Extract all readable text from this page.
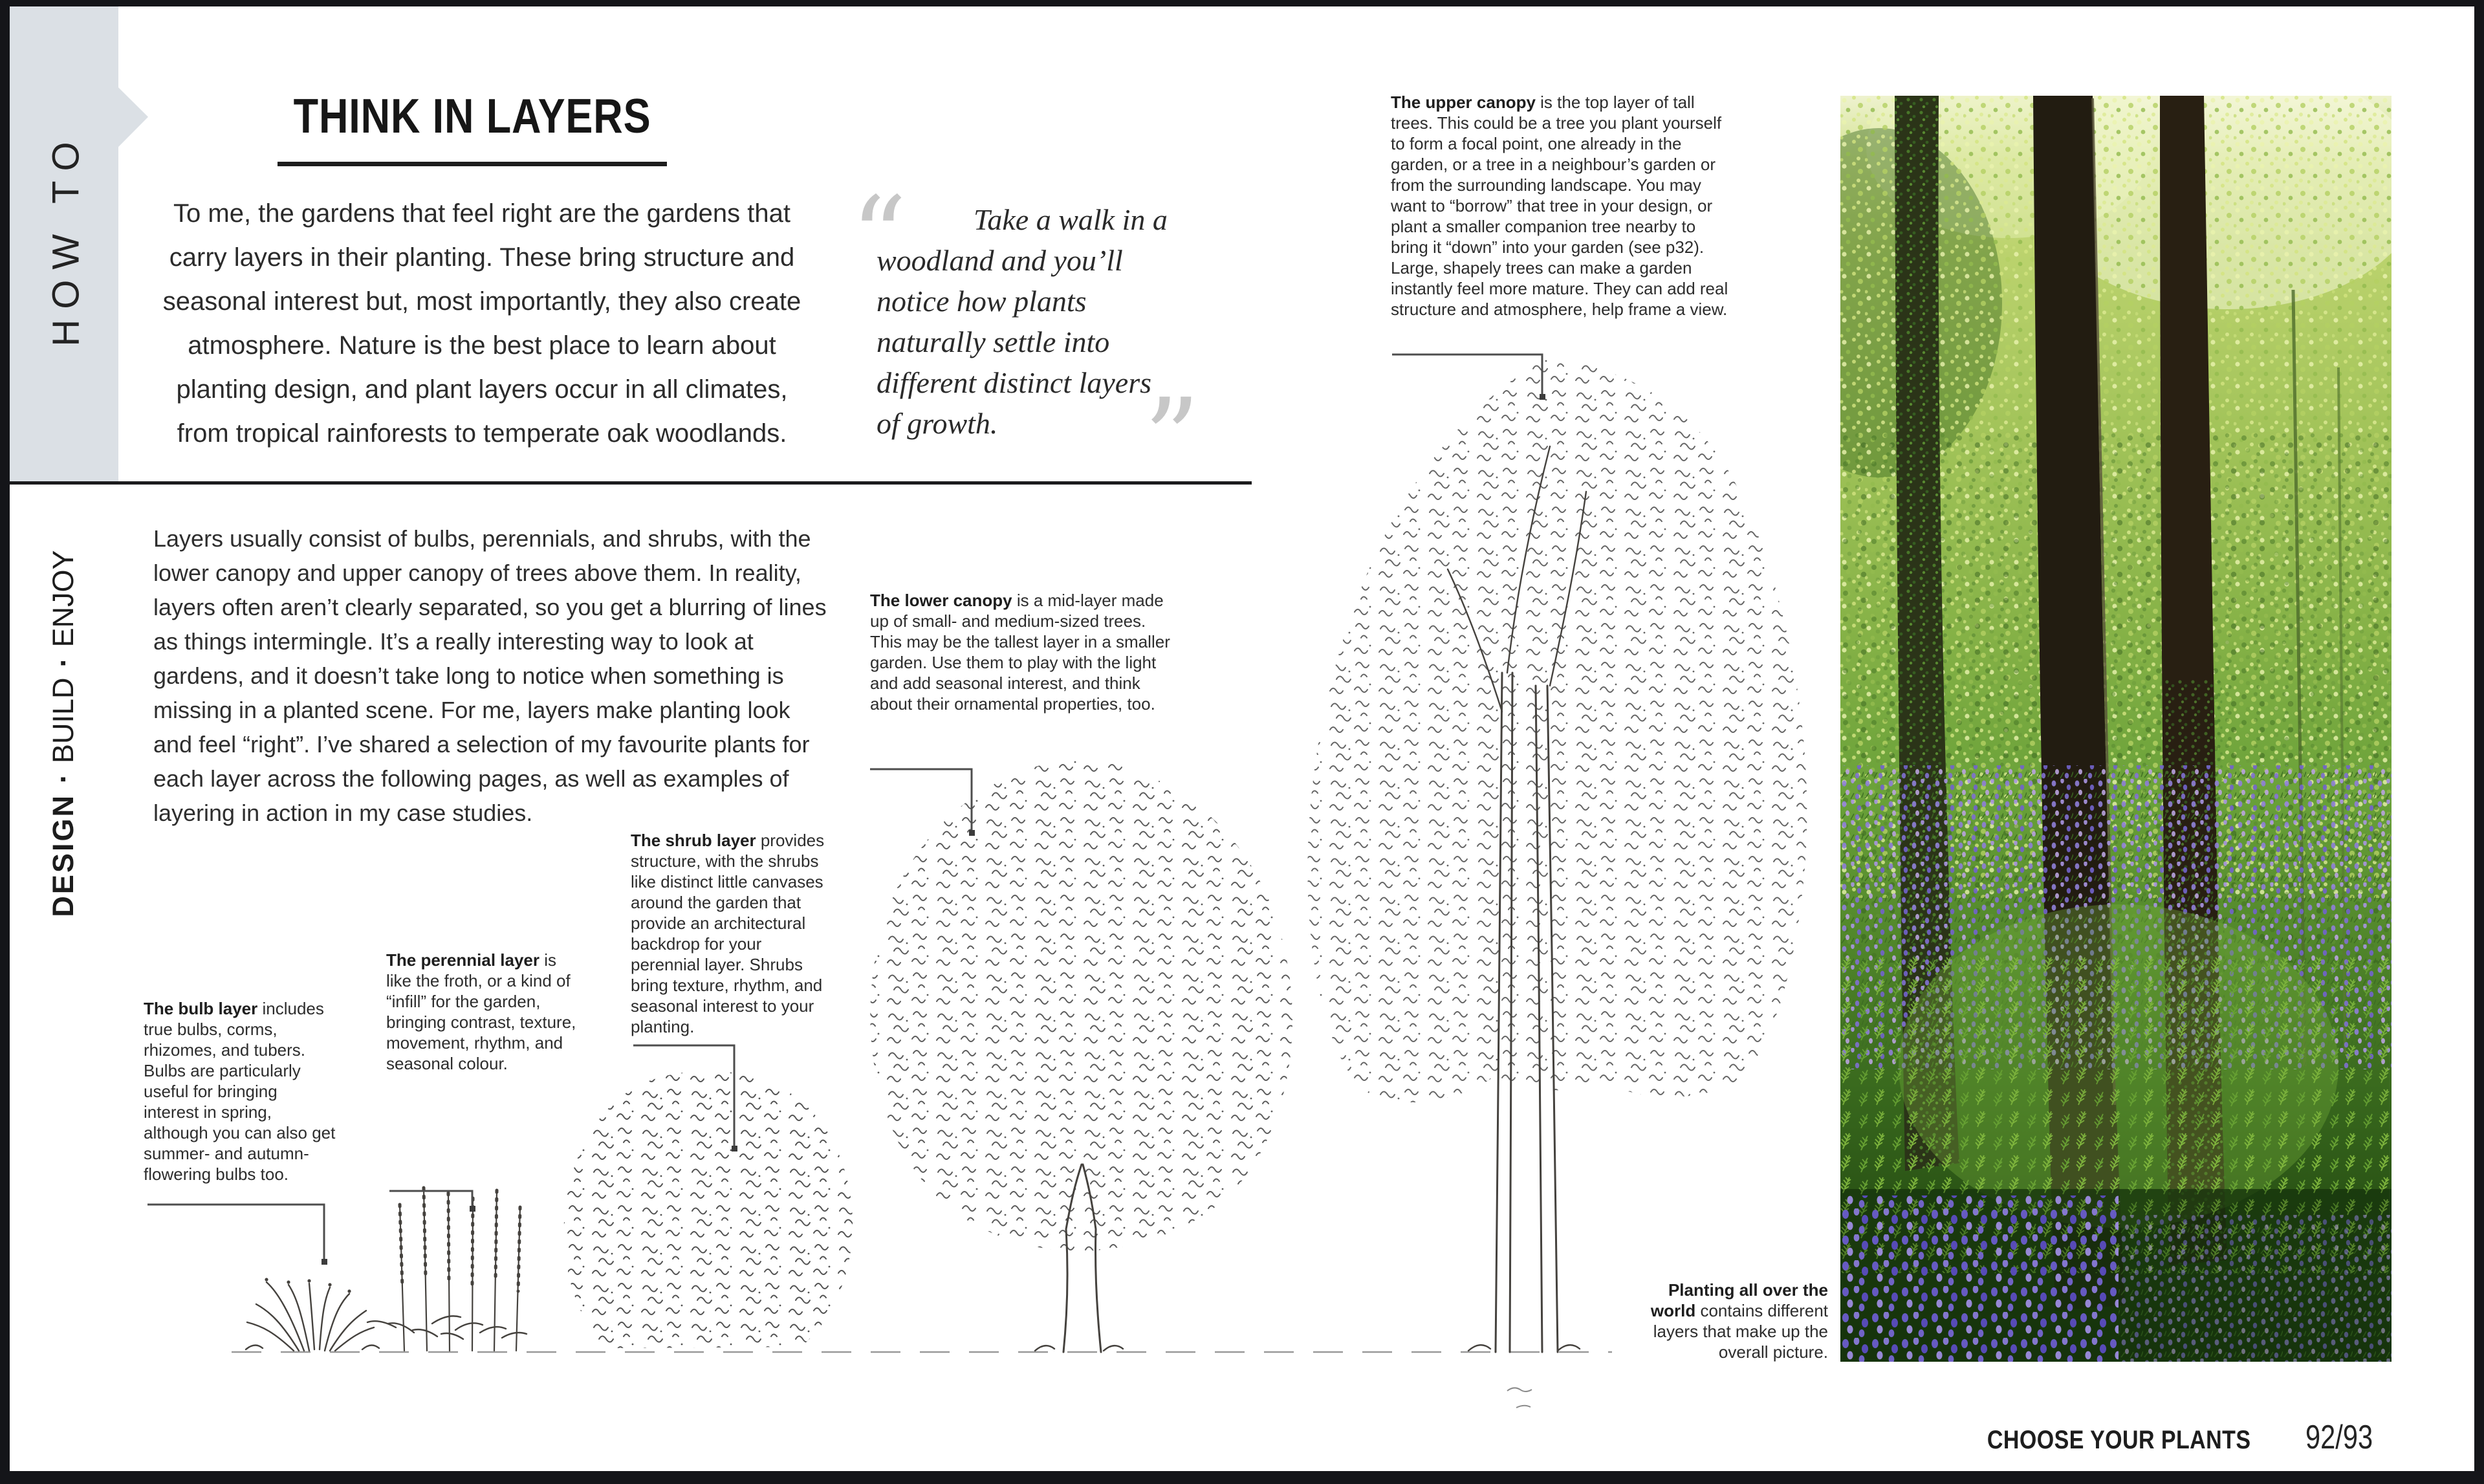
HOW TO
DESIGN·BUILD·ENJOY
THINK IN LAYERS

To me, the gardens that feel right are the gardens that carry layers in their planting. These bring structure and seasonal interest but, most importantly, they also create atmosphere. Nature is the best place to learn about planting design, and plant layers occur in all climates, from tropical rainforests to temperate oak woodlands.

“	Take a walk in a woodland and you’ll notice how plants naturally settle into different distinct layers of growth.	”

Layers usually consist of bulbs, perennials, and shrubs, with the lower canopy and upper canopy of trees above them. In reality, layers often aren’t clearly separated, so you get a blurring of lines as things intermingle. It’s a really interesting way to look at gardens, and it doesn’t take long to notice when something is missing in a planted scene. For me, layers make planting look and feel “right”. I’ve shared a selection of my favourite plants for each layer across the following pages, as well as examples of layering in action in my case studies.

The upper canopy is the top layer of tall trees. This could be a tree you plant yourself to form a focal point, one already in the garden, or a tree in a neighbour’s garden or from the surrounding landscape. You may want to “borrow” that tree in your design, or plant a smaller companion tree nearby to bring it “down” into your garden (see p32). Large, shapely trees can make a garden instantly feel more mature. They can add real structure and atmosphere, help frame a view.
The lower canopy is a mid-layer made up of small- and medium-sized trees. This may be the tallest layer in a smaller garden. Use them to play with the light and add seasonal interest, and think about their ornamental properties, too.
The shrub layer provides structure, with the shrubs like distinct little canvases around the garden that provide an architectural backdrop for your perennial layer. Shrubs bring texture, rhythm, and seasonal interest to your planting.
The perennial layer is like the froth, or a kind of “infill” for the garden, bringing contrast, texture, movement, rhythm, and seasonal colour.
The bulb layer includes true bulbs, corms, rhizomes, and tubers. Bulbs are particularly useful for bringing interest in spring, although you can also get summer- and autumn-flowering bulbs too.
Planting all over the world contains different layers that make up the overall picture.
CHOOSE YOUR PLANTS 92/93
